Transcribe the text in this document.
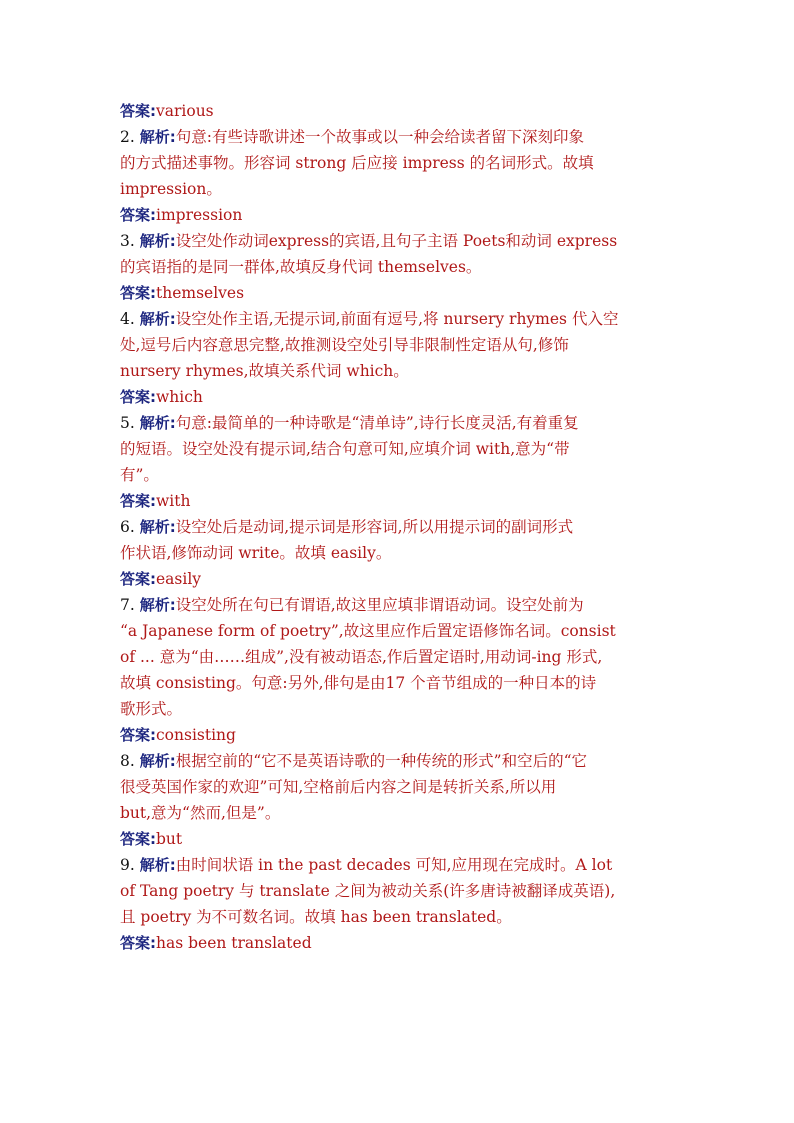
答案:various
2. 解析:句意:有些诗歌讲述一个故事或以一种会给读者留下深刻印象
的方式描述事物。形容词 strong 后应接 impress 的名词形式。故填
impression。
答案:impression
3. 解析:设空处作动词express的宾语,且句子主语 Poets和动词 express
的宾语指的是同一群体,故填反身代词 themselves。
答案:themselves
4. 解析:设空处作主语,无提示词,前面有逗号,将 nursery rhymes 代入空
处,逗号后内容意思完整,故推测设空处引导非限制性定语从句,修饰
nursery rhymes,故填关系代词 which。
答案:which
5. 解析:句意:最简单的一种诗歌是“清单诗”,诗行长度灵活,有着重复
的短语。设空处没有提示词,结合句意可知,应填介词 with,意为“带
有”。
答案:with
6. 解析:设空处后是动词,提示词是形容词,所以用提示词的副词形式
作状语,修饰动词 write。故填 easily。
答案:easily
7. 解析:设空处所在句已有谓语,故这里应填非谓语动词。设空处前为
“a Japanese form of poetry”,故这里应作后置定语修饰名词。consist
of ... 意为“由……组成”,没有被动语态,作后置定语时,用动词-ing 形式,
故填 consisting。句意:另外,俳句是由17 个音节组成的一种日本的诗
歌形式。
答案:consisting
8. 解析:根据空前的“它不是英语诗歌的一种传统的形式”和空后的“它
很受英国作家的欢迎”可知,空格前后内容之间是转折关系,所以用
but,意为“然而,但是”。
答案:but
9. 解析:由时间状语 in the past decades 可知,应用现在完成时。A lot
of Tang poetry 与 translate 之间为被动关系(许多唐诗被翻译成英语),
且 poetry 为不可数名词。故填 has been translated。
答案:has been translated
